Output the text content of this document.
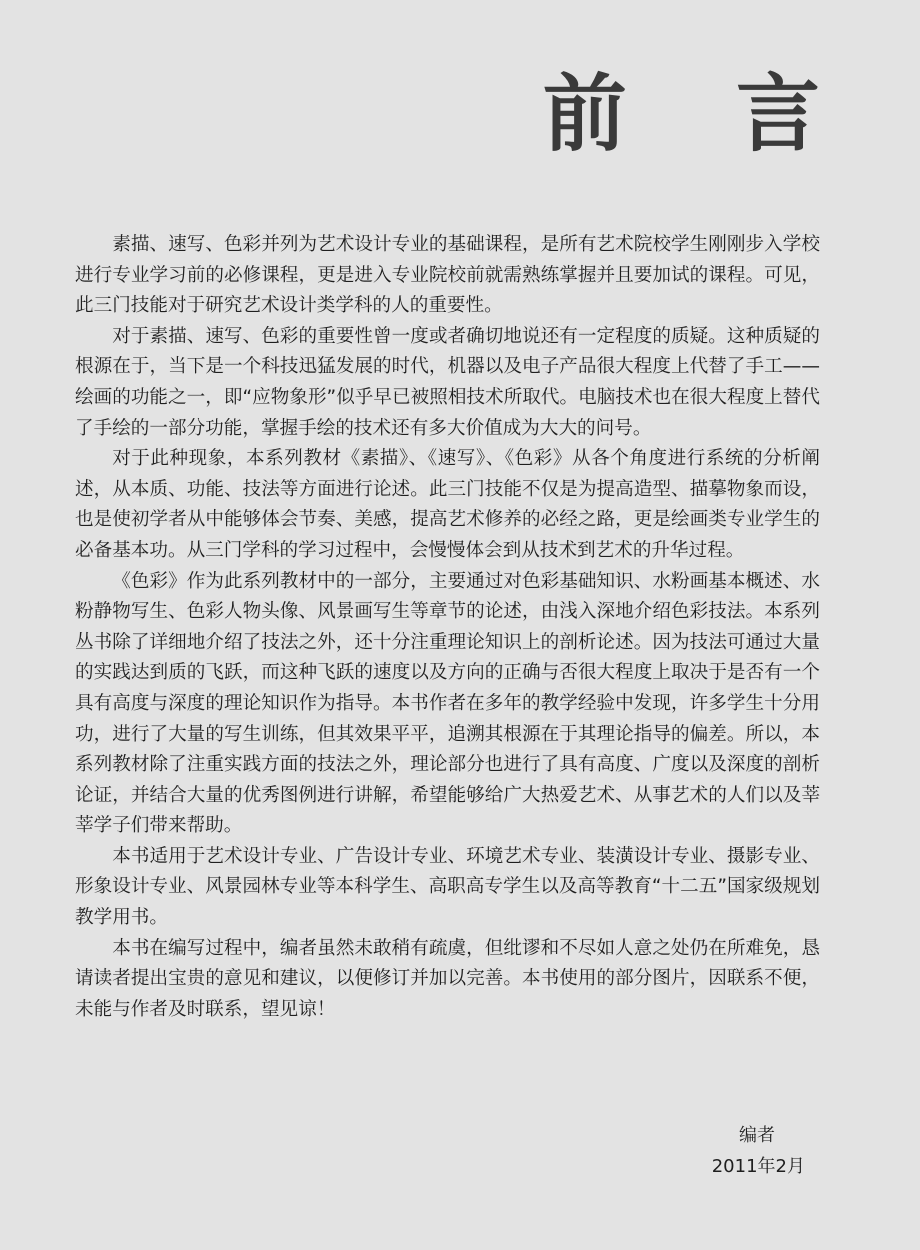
前 言

素描、速写、色彩并列为艺术设计专业的基础课程，是所有艺术院校学生刚刚步入学校进行专业学习前的必修课程，更是进入专业院校前就需熟练掌握并且要加试的课程。可见，此三门技能对于研究艺术设计类学科的人的重要性。

对于素描、速写、色彩的重要性曾一度或者确切地说还有一定程度的质疑。这种质疑的根源在于，当下是一个科技迅猛发展的时代，机器以及电子产品很大程度上代替了手工——绘画的功能之一，即“应物象形”似乎早已被照相技术所取代。电脑技术也在很大程度上替代了手绘的一部分功能，掌握手绘的技术还有多大价值成为大大的问号。

对于此种现象，本系列教材《素描》、《速写》、《色彩》从各个角度进行系统的分析阐述，从本质、功能、技法等方面进行论述。此三门技能不仅是为提高造型、描摹物象而设，也是使初学者从中能够体会节奏、美感，提高艺术修养的必经之路，更是绘画类专业学生的必备基本功。从三门学科的学习过程中，会慢慢体会到从技术到艺术的升华过程。

《色彩》作为此系列教材中的一部分，主要通过对色彩基础知识、水粉画基本概述、水粉静物写生、色彩人物头像、风景画写生等章节的论述，由浅入深地介绍色彩技法。本系列丛书除了详细地介绍了技法之外，还十分注重理论知识上的剖析论述。因为技法可通过大量的实践达到质的飞跃，而这种飞跃的速度以及方向的正确与否很大程度上取决于是否有一个具有高度与深度的理论知识作为指导。本书作者在多年的教学经验中发现，许多学生十分用功，进行了大量的写生训练，但其效果平平，追溯其根源在于其理论指导的偏差。所以，本系列教材除了注重实践方面的技法之外，理论部分也进行了具有高度、广度以及深度的剖析论证，并结合大量的优秀图例进行讲解，希望能够给广大热爱艺术、从事艺术的人们以及莘莘学子们带来帮助。

本书适用于艺术设计专业、广告设计专业、环境艺术专业、装潢设计专业、摄影专业、形象设计专业、风景园林专业等本科学生、高职高专学生以及高等教育“十二五”国家级规划教学用书。

本书在编写过程中，编者虽然未敢稍有疏虞，但纰谬和不尽如人意之处仍在所难免，恳请读者提出宝贵的意见和建议，以便修订并加以完善。本书使用的部分图片，因联系不便，未能与作者及时联系，望见谅！

编者
2011年2月
